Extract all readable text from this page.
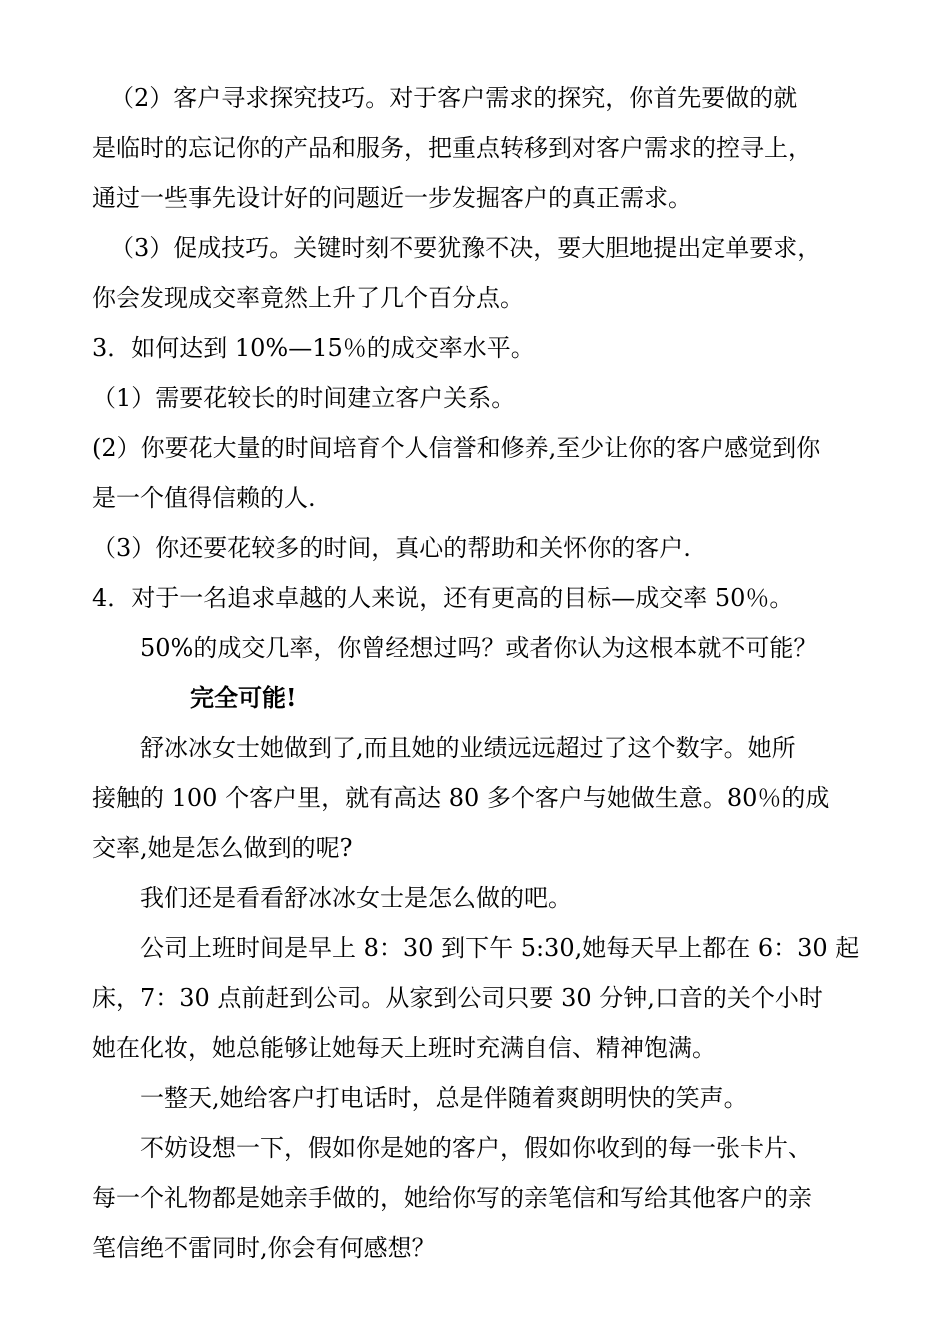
（2）客户寻求探究技巧。对于客户需求的探究，你首先要做的就
是临时的忘记你的产品和服务，把重点转移到对客户需求的控寻上，
通过一些事先设计好的问题近一步发掘客户的真正需求。
（3）促成技巧。关键时刻不要犹豫不决，要大胆地提出定单要求，
你会发现成交率竟然上升了几个百分点。
3．如何达到 10%—15％的成交率水平。
（1）需要花较长的时间建立客户关系。
(2）你要花大量的时间培育个人信誉和修养,至少让你的客户感觉到你
是一个值得信赖的人.
（3）你还要花较多的时间，真心的帮助和关怀你的客户.
4．对于一名追求卓越的人来说，还有更高的目标—成交率 50％。
50%的成交几率，你曾经想过吗？或者你认为这根本就不可能？
完全可能!
舒冰冰女士她做到了,而且她的业绩远远超过了这个数字。她所
接触的 100 个客户里，就有高达 80 多个客户与她做生意。80％的成
交率,她是怎么做到的呢?
我们还是看看舒冰冰女士是怎么做的吧。
公司上班时间是早上 8：30 到下午 5:30,她每天早上都在 6：30 起
床，7：30 点前赶到公司。从家到公司只要 30 分钟,口音的关个小时
她在化妆，她总能够让她每天上班时充满自信、精神饱满。
一整天,她给客户打电话时，总是伴随着爽朗明快的笑声。
不妨设想一下，假如你是她的客户，假如你收到的每一张卡片、
每一个礼物都是她亲手做的，她给你写的亲笔信和写给其他客户的亲
笔信绝不雷同时,你会有何感想？
